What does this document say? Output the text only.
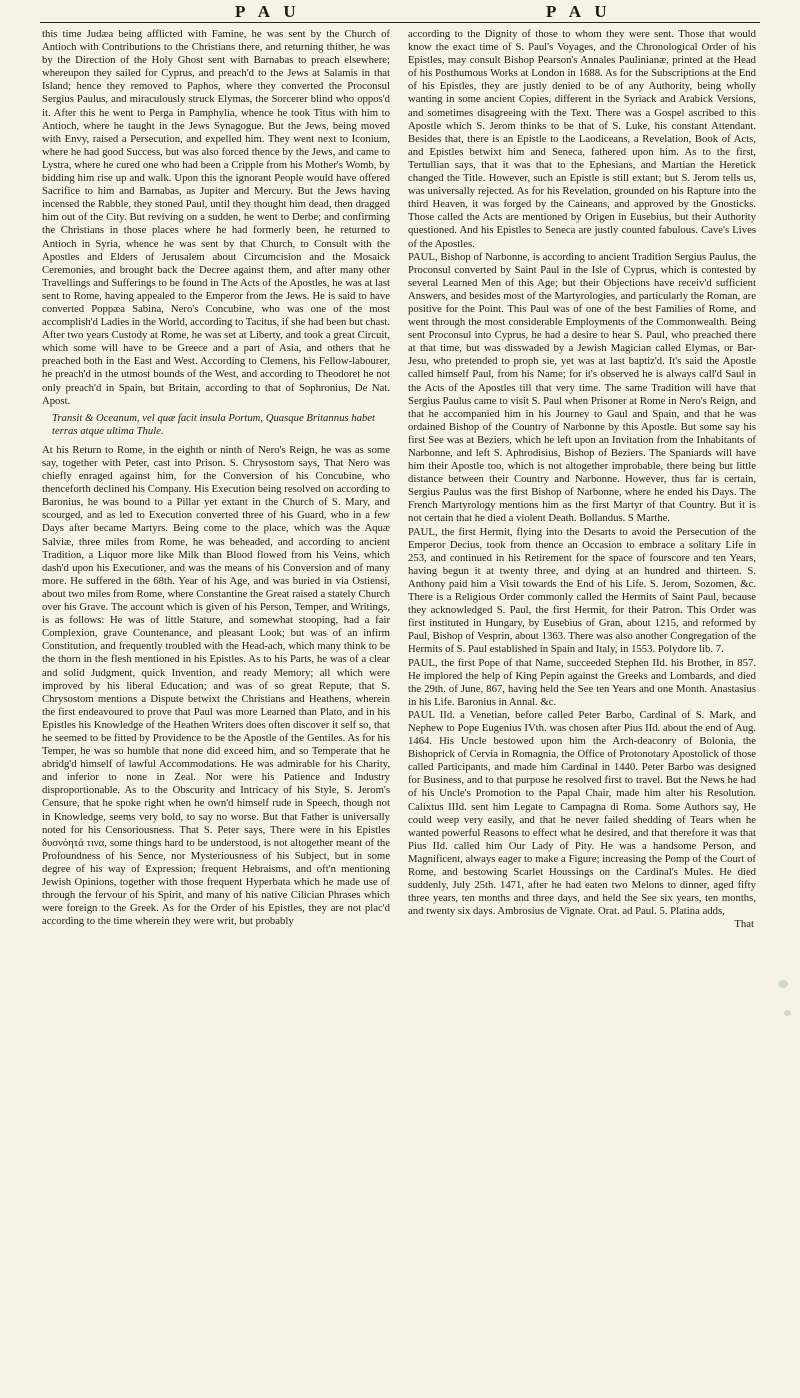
P A U	P A U

this time Judæa being afflicted with Famine, he was sent by the Church of Antioch with Contributions to the Christians there, and returning thither, he was by the Direction of the Holy Ghost sent with Barnabas to preach elsewhere; whereupon they sailed for Cyprus, and preach'd to the Jews at Salamis in that Island; hence they removed to Paphos, where they converted the Proconsul Sergius Paulus, and miraculously struck Elymas, the Sorcerer blind who oppos'd it. After this he went to Perga in Pamphylia, whence he took Titus with him to Antioch, where he taught in the Jews Synagogue. But the Jews, being moved with Envy, raised a Persecution, and expelled him. They went next to Iconium, where he had good Success, but was also forced thence by the Jews, and came to Lystra, where he cured one who had been a Cripple from his Mother's Womb, by bidding him rise up and walk. Upon this the ignorant People would have offered Sacrifice to him and Barnabas, as Jupiter and Mercury. But the Jews having incensed the Rabble, they stoned Paul, until they thought him dead, then dragged him out of the City. But reviving on a sudden, he went to Derbe; and confirming the Christians in those places where he had formerly been, he returned to Antioch in Syria, whence he was sent by that Church, to Consult with the Apostles and Elders of Jerusalem about Circumcision and the Mosaick Ceremonies, and brought back the Decree against them, and after many other Travellings and Sufferings to be found in The Acts of the Apostles, he was at last sent to Rome, having appealed to the Emperor from the Jews. He is said to have converted Poppæa Sabina, Nero's Concubine, who was one of the most accomplish'd Ladies in the World, according to Tacitus, if she had been but chast. After two years Custody at Rome, he was set at Liberty, and took a great Circuit, which some will have to be Greece and a part of Asia, and others that he preached both in the East and West. According to Clemens, his Fellow-labourer, he preach'd in the utmost bounds of the West, and according to Theodoret he not only preach'd in Spain, but Britain, according to that of Sophronius, De Nat. Apost.

Transit & Oceanum, vel quæ facit insula Portum, Quasque Britannus habet terras atque ultima Thule.

At his Return to Rome, in the eighth or ninth of Nero's Reign, he was as some say, together with Peter, cast into Prison. S. Chrysostom says, That Nero was chiefly enraged against him, for the Conversion of his Concubine, who thenceforth declined his Company. His Execution being resolved on according to Baronius, he was bound to a Pillar yet extant in the Church of S. Mary, and scourged, and as led to Execution converted three of his Guard, who in a few Days after became Martyrs. Being come to the place, which was the Aquæ Salviæ, three miles from Rome, he was beheaded, and according to ancient Tradition, a Liquor more like Milk than Blood flowed from his Veins, which dash'd upon his Executioner, and was the means of his Conversion and of many more. He suffered in the 68th. Year of his Age, and was buried in via Ostiensi, about two miles from Rome, where Constantine the Great raised a stately Church over his Grave. The account which is given of his Person, Temper, and Writings, is as follows: He was of little Stature, and somewhat stooping, had a fair Complexion, grave Countenance, and pleasant Look; but was of an infirm Constitution, and frequently troubled with the Head-ach, which many think to be the thorn in the flesh mentioned in his Epistles. As to his Parts, he was of a clear and solid Judgment, quick Invention, and ready Memory; all which were improved by his liberal Education; and was of so great Repute, that S. Chrysostom mentions a Dispute betwixt the Christians and Heathens, wherein the first endeavoured to prove that Paul was more Learned than Plato, and in his Epistles his Knowledge of the Heathen Writers does often discover it self so, that he seemed to be fitted by Providence to be the Apostle of the Gentiles. As for his Temper, he was so humble that none did exceed him, and so Temperate that he abridg'd himself of lawful Accommodations. He was admirable for his Charity, and inferior to none in Zeal. Nor were his Patience and Industry disproportionable. As to the Obscurity and Intricacy of his Style, S. Jerom's Censure, that he spoke right when he own'd himself rude in Speech, though not in Knowledge, seems very bold, to say no worse. But that Father is universally noted for his Censoriousness. That S. Peter says, There were in his Epistles δυσνόητά τινα, some things hard to be understood, is not altogether meant of the Profoundness of his Sence, nor Mysteriousness of his Subject, but in some degree of his way of Expression; frequent Hebraisms, and oft'n mentioning Jewish Opinions, together with those frequent Hyperbata which he made use of through the fervour of his Spirit, and many of his native Cilician Phrases which were foreign to the Greek. As for the Order of his Epistles, they are not plac'd according to the time wherein they were writ, but probably

according to the Dignity of those to whom they were sent. Those that would know the exact time of S. Paul's Voyages, and the Chronological Order of his Epistles, may consult Bishop Pearson's Annales Paulinianæ, printed at the Head of his Posthumous Works at London in 1688. As for the Subscriptions at the End of his Epistles, they are justly denied to be of any Authority, being wholly wanting in some ancient Copies, different in the Syriack and Arabick Versions, and sometimes disagreeing with the Text. There was a Gospel ascribed to this Apostle which S. Jerom thinks to be that of S. Luke, his constant Attendant. Besides that, there is an Epistle to the Laodiceans, a Revelation, Book of Acts, and Epistles betwixt him and Seneca, fathered upon him. As to the first, Tertullian says, that it was that to the Ephesians, and Martian the Heretick changed the Title. However, such an Epistle is still extant; but S. Jerom tells us, was universally rejected. As for his Revelation, grounded on his Rapture into the third Heaven, it was forged by the Caineans, and approved by the Gnosticks. Those called the Acts are mentioned by Origen in Eusebius, but their Authority questioned. And his Epistles to Seneca are justly counted fabulous. Cave's Lives of the Apostles.

PAUL, Bishop of Narbonne, is according to ancient Tradition Sergius Paulus, the Proconsul converted by Saint Paul in the Isle of Cyprus, which is contested by several Learned Men of this Age; but their Objections have receiv'd sufficient Answers, and besides most of the Martyrologies, and particularly the Roman, are positive for the Point. This Paul was of one of the best Families of Rome, and went through the most considerable Employments of the Commonwealth. Being sent Proconsul into Cyprus, he had a desire to hear S. Paul, who preached there at that time, but was disswaded by a Jewish Magician called Elymas, or Bar-Jesu, who pretended to proph sie, yet was at last baptiz'd. It's said the Apostle called himself Paul, from his Name; for it's observed he is always call'd Saul in the Acts of the Apostles till that very time. The same Tradition will have that Sergius Paulus came to visit S. Paul when Prisoner at Rome in Nero's Reign, and that he accompanied him in his Journey to Gaul and Spain, and that he was ordained Bishop of the Country of Narbonne by this Apostle. But some say his first See was at Beziers, which he left upon an Invitation from the Inhabitants of Narbonne, and left S. Aphrodisius, Bishop of Beziers. The Spaniards will have him their Apostle too, which is not altogether improbable, there being but little distance between their Country and Narbonne. However, thus far is certain, Sergius Paulus was the first Bishop of Narbonne, where he ended his Days. The French Martyrology mentions him as the first Martyr of that Country. But it is not certain that he died a violent Death. Bollandus. S Marthe.

PAUL, the first Hermit, flying into the Desarts to avoid the Persecution of the Emperor Decius, took from thence an Occasion to embrace a solitary Life in 253, and continued in his Retirement for the space of fourscore and ten Years, having begun it at twenty three, and dying at an hundred and thirteen. S. Anthony paid him a Visit towards the End of his Life. S. Jerom, Sozomen, &c. There is a Religious Order commonly called the Hermits of Saint Paul, because they acknowledged S. Paul, the first Hermit, for their Patron. This Order was first instituted in Hungary, by Eusebius of Gran, about 1215, and reformed by Paul, Bishop of Vesprin, about 1363. There was also another Congregation of the Hermits of S. Paul established in Spain and Italy, in 1553. Polydore lib. 7.

PAUL, the first Pope of that Name, succeeded Stephen IId. his Brother, in 857. He implored the help of King Pepin against the Greeks and Lombards, and died the 29th. of June, 867, having held the See ten Years and one Month. Anastasius in his Life. Baronius in Annal. &c.

PAUL IId. a Venetian, before called Peter Barbo, Cardinal of S. Mark, and Nephew to Pope Eugenius IVth. was chosen after Pius IId. about the end of Aug. 1464. His Uncle bestowed upon him the Arch-deaconry of Bolonia, the Bishoprick of Cervia in Romagnia, the Office of Protonotary Apostolick of those called Participants, and made him Cardinal in 1440. Peter Barbo was designed for Business, and to that purpose he resolved first to travel. But the News he had of his Uncle's Promotion to the Papal Chair, made him alter his Resolution. Calixtus IIId. sent him Legate to Campagna di Roma. Some Authors say, He could weep very easily, and that he never failed shedding of Tears when he wanted powerful Reasons to effect what he desired, and that therefore it was that Pius IId. called him Our Lady of Pity. He was a handsome Person, and Magnificent, always eager to make a Figure; increasing the Pomp of the Court of Rome, and bestowing Scarlet Houssings on the Cardinal's Mules. He died suddenly, July 25th. 1471, after he had eaten two Melons to dinner, aged fifty three years, ten months and three days, and held the See six years, ten months, and twenty six days. Ambrosius de Vignate. Orat. ad Paul. 5. Platina adds,

That
